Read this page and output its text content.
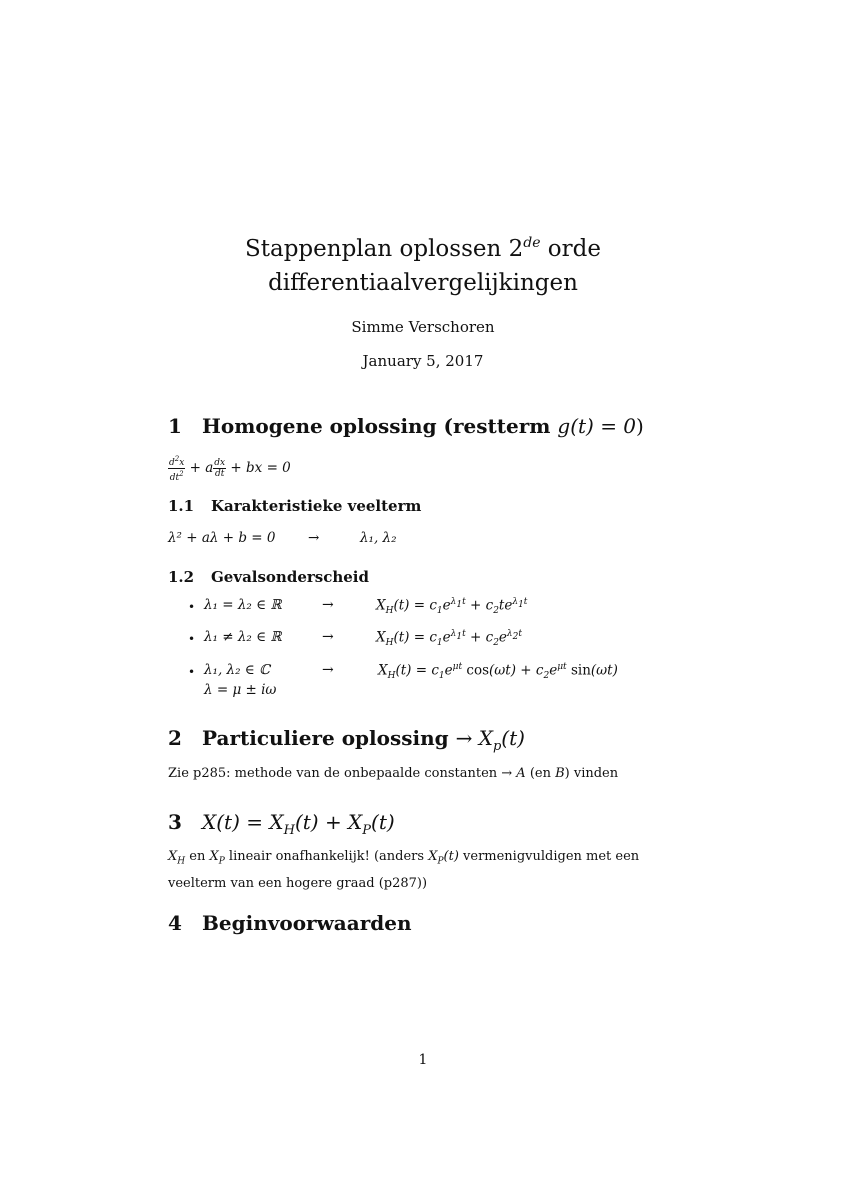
Stappenplan oplossen 2de orde
differentiaalvergelijkingen
Simme Verschoren
January 5, 2017
1 Homogene oplossing (restterm g(t) = 0)
$\frac{d^2x}{dt^2} + a \frac{dx}{dt}$ + bx = 0
1.1 Karakteristieke veelterm
λ² + aλ + b = 0 →	λ₁, λ₂
1.2 Gevalsonderscheid
• λ₁ = λ₂ ∈ ℝ	→	$X_H(t) = c_1e^{\lambda_1t} + c_2te^{\lambda_1t}$
• λ₁ ≠ λ₂ ∈ ℝ	→	$X_H(t) = c_1e^{\lambda_1t} + c_2e^{\lambda_2t}$
• λ₁, λ₂ ∈ ℂ
λ = μ ± iω
→	$X_H(t) = c_1e^{\mu t}$ $\cos(\omega t) + c_2e^{\mu t}$ sin(ωt)
2 Particuliere oplossing → $X_p(t)$
Zie p285: methode van de onbepaalde constanten → A (en B) vinden
3 $X(t) = X_H(t) + X_P(t)$
$X_H$ en $X_P$ lineair onafhankelijk! (anders $X_P(t)$ vermenigvuldigen met een
veelterm van een hogere graad (p287))
4 Beginvoorwaarden
1
